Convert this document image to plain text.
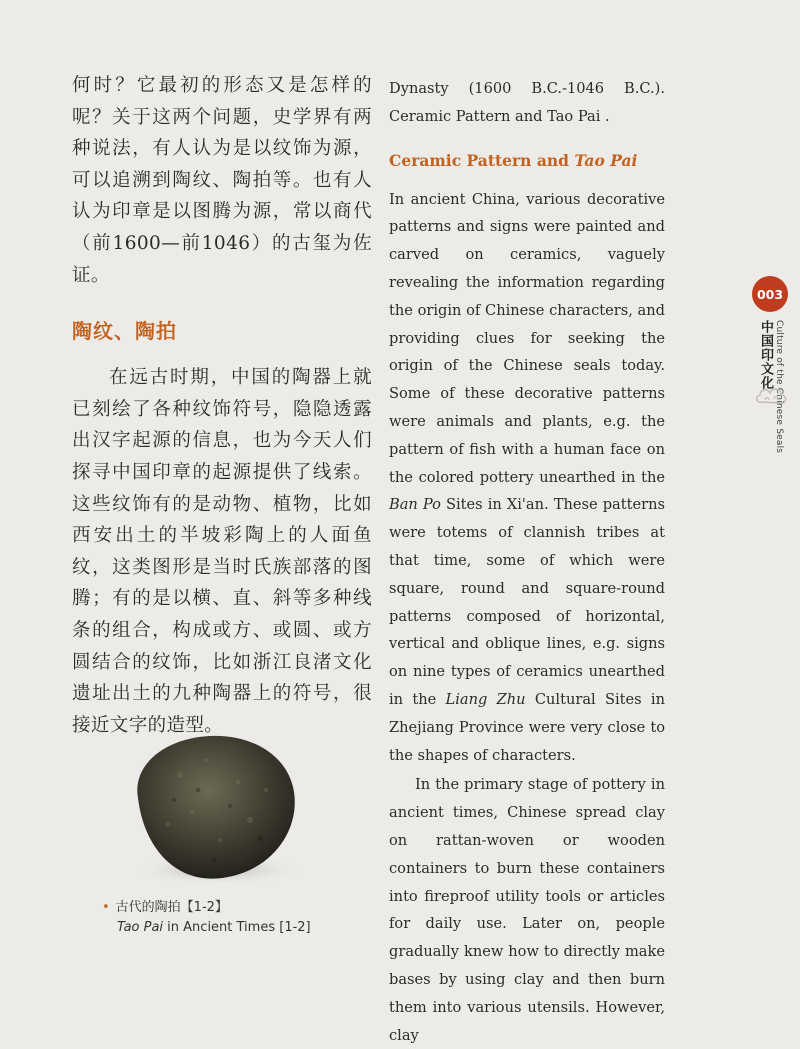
何时？它最初的形态又是怎样的呢？关于这两个问题，史学界有两种说法，有人认为是以纹饰为源，可以追溯到陶纹、陶拍等。也有人认为印章是以图腾为源，常以商代（前1600—前1046）的古玺为佐证。

陶纹、陶拍

在远古时期，中国的陶器上就已刻绘了各种纹饰符号，隐隐透露出汉字起源的信息，也为今天人们探寻中国印章的起源提供了线索。这些纹饰有的是动物、植物，比如西安出土的半坡彩陶上的人面鱼纹，这类图形是当时氏族部落的图腾；有的是以横、直、斜等多种线条的组合，构成或方、或圆、或方圆结合的纹饰，比如浙江良渚文化遗址出土的九种陶器上的符号，很接近文字的造型。

• 古代的陶拍【1-2】
Tao Pai in Ancient Times [1-2]

Dynasty (1600 B.C.-1046 B.C.). Ceramic Pattern and Tao Pai .

Ceramic Pattern and Tao Pai

In ancient China, various decorative patterns and signs were painted and carved on ceramics, vaguely revealing the information regarding the origin of Chinese characters, and providing clues for seeking the origin of the Chinese seals today. Some of these decorative patterns were animals and plants, e.g. the pattern of fish with a human face on the colored pottery unearthed in the Ban Po Sites in Xi'an. These patterns were totems of clannish tribes at that time, some of which were square, round and square-round patterns composed of horizontal, vertical and oblique lines, e.g. signs on nine types of ceramics unearthed in the Liang Zhu Cultural Sites in Zhejiang Province were very close to the shapes of characters.

In the primary stage of pottery in ancient times, Chinese spread clay on rattan-woven or wooden containers to burn these containers into fireproof utility tools or articles for daily use. Later on, people gradually knew how to directly make bases by using clay and then burn them into various utensils. However, clay

003
中国印文化 Culture of the Chinese Seals
